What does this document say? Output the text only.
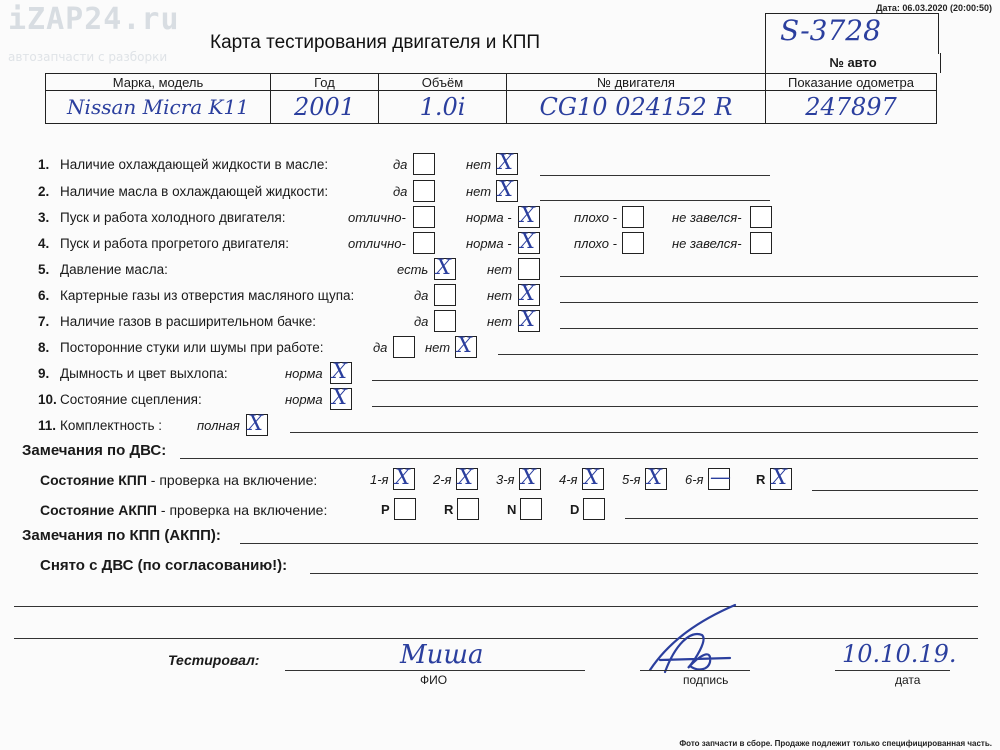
iZAP24.ru
автозапчасти с разборки
Дата: 06.03.2020 (20:00:50)
Карта тестирования двигателя и КПП	S-3728
№ авто
Марка, модель	Год	Объём	№ двигателя	Показание одометра
Nissan Micra K11	2001	1.0i	CG10 024152 R	247897
1. Наличие охлаждающей жидкости в масле:	да	нет X
2. Наличие масла в охлаждающей жидкости:	да	нет X
3. Пуск и работа холодного двигателя:	отлично-	норма - X	плохо -	не завелся-
4. Пуск и работа прогретого двигателя:	отлично-	норма - X	плохо -	не завелся-
5. Давление масла:	есть X	нет
6. Картерные газы из отверстия масляного щупа:	да	нет X
7. Наличие газов в расширительном бачке:	да	нет X
8. Посторонние стуки или шумы при работе:	да	нет X
9. Дымность и цвет выхлопа:	норма X
10. Состояние сцепления:	норма X
11. Комплектность :	полная X
Замечания по ДВС:
Состояние КПП - проверка на включение:	1-я X 2-я X 3-я X 4-я X 5-я X 6-я — R X
Состояние АКПП - проверка на включение:	P	R	N	D
Замечания по КПП (АКПП):
Снято с ДВС (по согласованию!):
Тестировал:	Миша
ФИО	подпись
10.10.19.
дата
Фото запчасти в сборе. Продаже подлежит только специфицированная часть.
